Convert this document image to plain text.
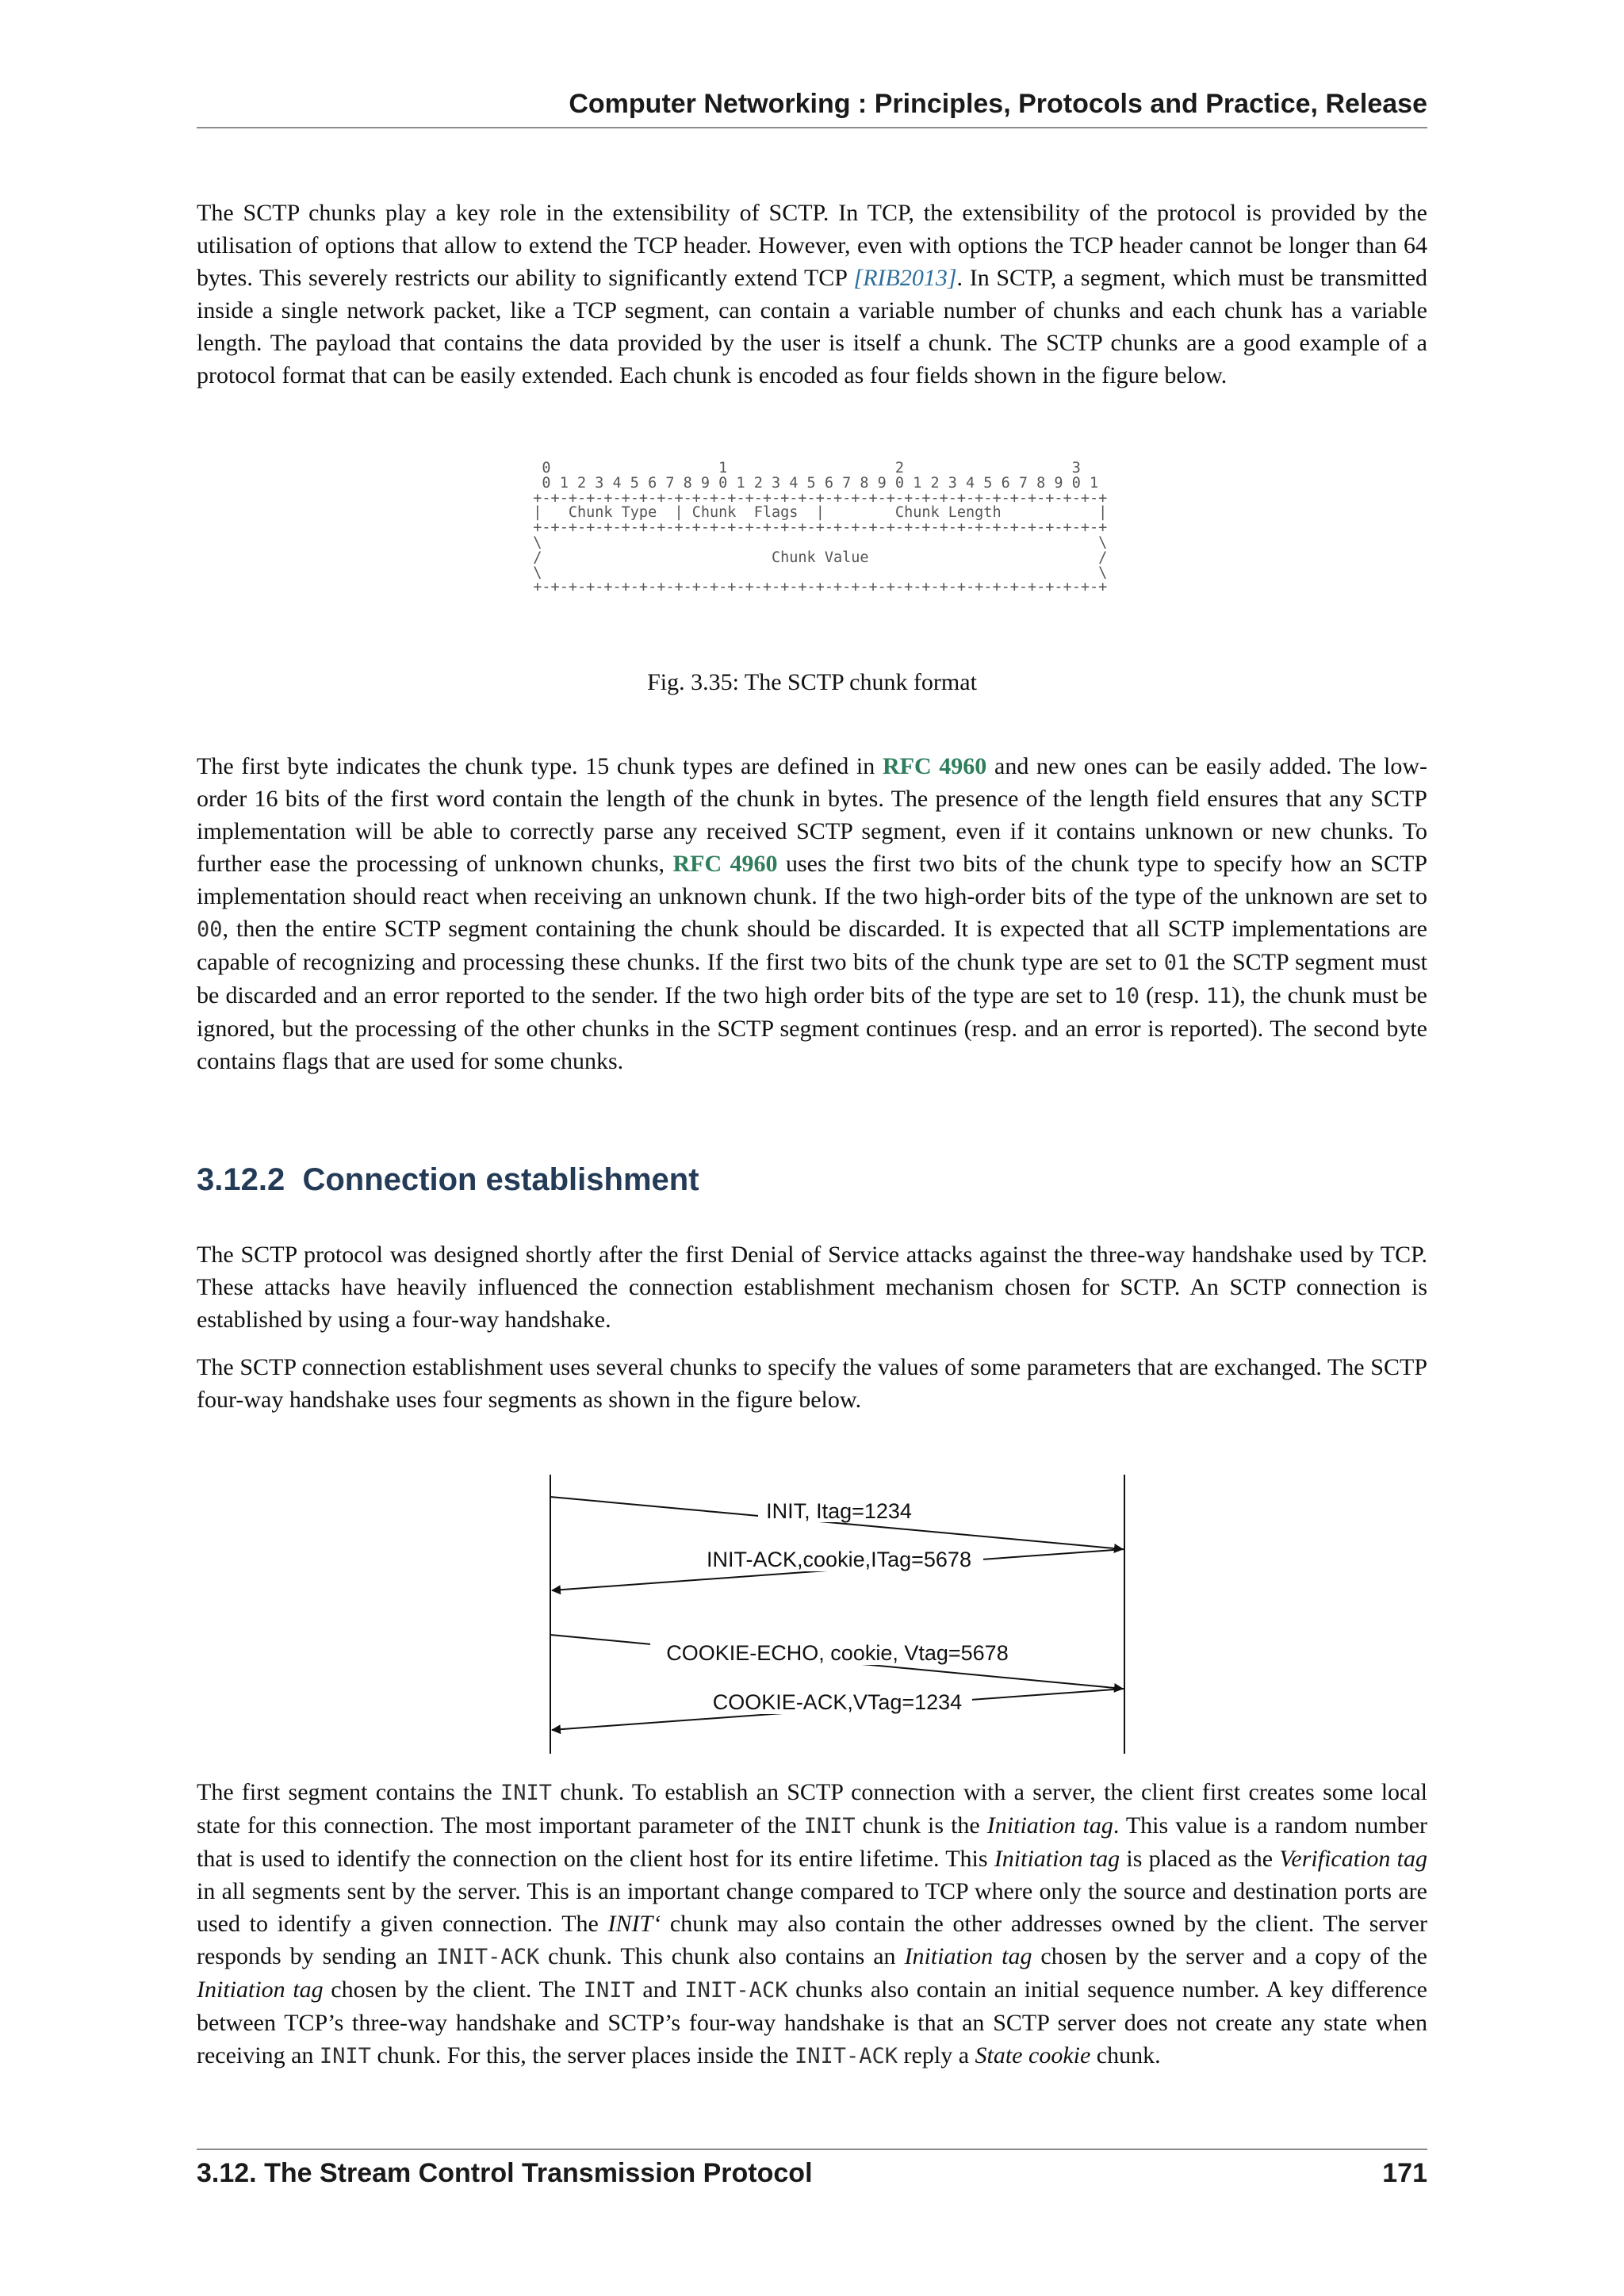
Computer Networking : Principles, Protocols and Practice, Release

The SCTP chunks play a key role in the extensibility of SCTP. In TCP, the extensibility of the protocol is provided by the utilisation of options that allow to extend the TCP header. However, even with options the TCP header cannot be longer than 64 bytes. This severely restricts our ability to significantly extend TCP [RIB2013]. In SCTP, a segment, which must be transmitted inside a single network packet, like a TCP segment, can contain a variable number of chunks and each chunk has a variable length. The payload that contains the data provided by the user is itself a chunk. The SCTP chunks are a good example of a protocol format that can be easily extended. Each chunk is encoded as four fields shown in the figure below.

0                   1                   2                   3
0 1 2 3 4 5 6 7 8 9 0 1 2 3 4 5 6 7 8 9 0 1 2 3 4 5 6 7 8 9 0 1
+-+-+-+-+-+-+-+-+-+-+-+-+-+-+-+-+-+-+-+-+-+-+-+-+-+-+-+-+-+-+-+-+
|   Chunk Type  | Chunk  Flags  |        Chunk Length           |
+-+-+-+-+-+-+-+-+-+-+-+-+-+-+-+-+-+-+-+-+-+-+-+-+-+-+-+-+-+-+-+-+
\                                                               \
/                          Chunk Value                          /
\                                                               \
+-+-+-+-+-+-+-+-+-+-+-+-+-+-+-+-+-+-+-+-+-+-+-+-+-+-+-+-+-+-+-+-+
Fig. 3.35: The SCTP chunk format

The first byte indicates the chunk type. 15 chunk types are defined in RFC 4960 and new ones can be easily added. The low-order 16 bits of the first word contain the length of the chunk in bytes. The presence of the length field ensures that any SCTP implementation will be able to correctly parse any received SCTP segment, even if it contains unknown or new chunks. To further ease the processing of unknown chunks, RFC 4960 uses the first two bits of the chunk type to specify how an SCTP implementation should react when receiving an unknown chunk. If the two high-order bits of the type of the unknown are set to 00, then the entire SCTP segment containing the chunk should be discarded. It is expected that all SCTP implementations are capable of recognizing and processing these chunks. If the first two bits of the chunk type are set to 01 the SCTP segment must be discarded and an error reported to the sender. If the two high order bits of the type are set to 10 (resp. 11), the chunk must be ignored, but the processing of the other chunks in the SCTP segment continues (resp. and an error is reported). The second byte contains flags that are used for some chunks.

3.12.2 Connection establishment

The SCTP protocol was designed shortly after the first Denial of Service attacks against the three-way handshake used by TCP. These attacks have heavily influenced the connection establishment mechanism chosen for SCTP. An SCTP connection is established by using a four-way handshake.

The SCTP connection establishment uses several chunks to specify the values of some parameters that are exchanged. The SCTP four-way handshake uses four segments as shown in the figure below.

INIT, Itag=1234
INIT-ACK,cookie,ITag=5678
COOKIE-ECHO, cookie, Vtag=5678
COOKIE-ACK,VTag=1234

The first segment contains the INIT chunk. To establish an SCTP connection with a server, the client first creates some local state for this connection. The most important parameter of the INIT chunk is the Initiation tag. This value is a random number that is used to identify the connection on the client host for its entire lifetime. This Initiation tag is placed as the Verification tag in all segments sent by the server. This is an important change compared to TCP where only the source and destination ports are used to identify a given connection. The INIT‘ chunk may also contain the other addresses owned by the client. The server responds by sending an INIT-ACK chunk. This chunk also contains an Initiation tag chosen by the server and a copy of the Initiation tag chosen by the client. The INIT and INIT-ACK chunks also contain an initial sequence number. A key difference between TCP’s three-way handshake and SCTP’s four-way handshake is that an SCTP server does not create any state when receiving an INIT chunk. For this, the server places inside the INIT-ACK reply a State cookie chunk.

3.12. The Stream Control Transmission Protocol	171
